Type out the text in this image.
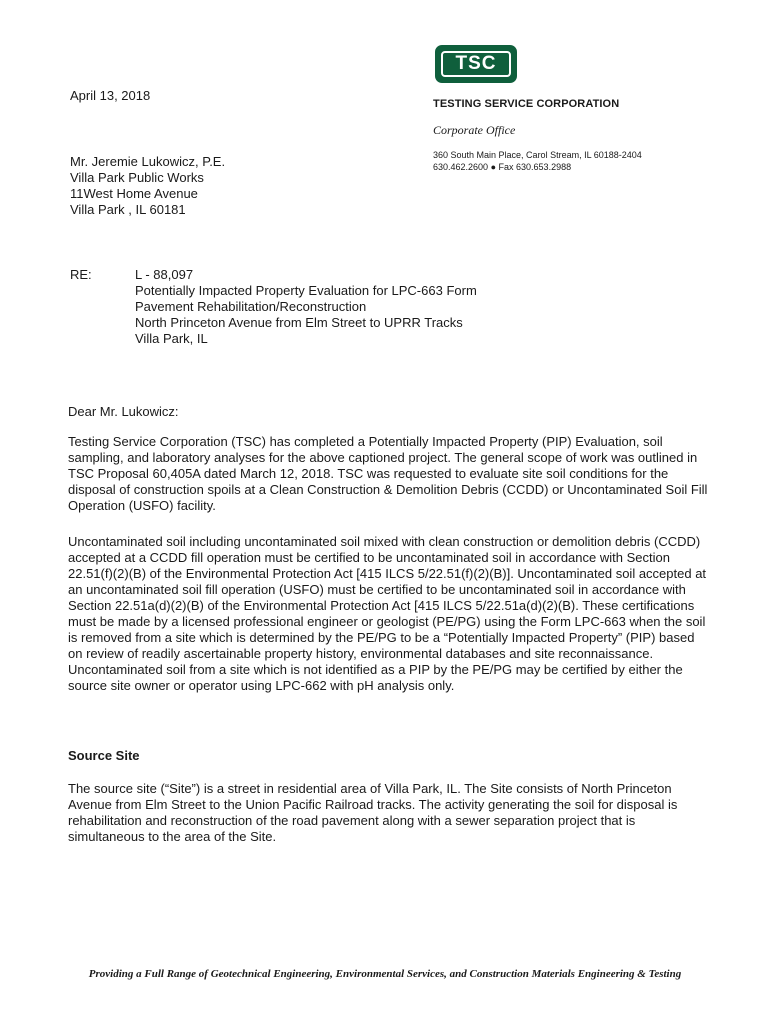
TSC
TESTING SERVICE CORPORATION
Corporate Office
360 South Main Place, Carol Stream, IL 60188-2404
630.462.2600 ● Fax 630.653.2988
April 13, 2018
Mr. Jeremie Lukowicz, P.E.
Villa Park Public Works
11West Home Avenue
Villa Park , IL 60181
RE:	L - 88,097
Potentially Impacted Property Evaluation for LPC-663 Form
Pavement Rehabilitation/Reconstruction
North Princeton Avenue from Elm Street to UPRR Tracks
Villa Park, IL
Dear Mr. Lukowicz:

Testing Service Corporation (TSC) has completed a Potentially Impacted Property (PIP) Evaluation, soil sampling, and laboratory analyses for the above captioned project. The general scope of work was outlined in TSC Proposal 60,405A dated March 12, 2018. TSC was requested to evaluate site soil conditions for the disposal of construction spoils at a Clean Construction & Demolition Debris (CCDD) or Uncontaminated Soil Fill Operation (USFO) facility.

Uncontaminated soil including uncontaminated soil mixed with clean construction or demolition debris (CCDD) accepted at a CCDD fill operation must be certified to be uncontaminated soil in accordance with Section 22.51(f)(2)(B) of the Environmental Protection Act [415 ILCS 5/22.51(f)(2)(B)]. Uncontaminated soil accepted at an uncontaminated soil fill operation (USFO) must be certified to be uncontaminated soil in accordance with Section 22.51a(d)(2)(B) of the Environmental Protection Act [415 ILCS 5/22.51a(d)(2)(B). These certifications must be made by a licensed professional engineer or geologist (PE/PG) using the Form LPC-663 when the soil is removed from a site which is determined by the PE/PG to be a “Potentially Impacted Property” (PIP) based on review of readily ascertainable property history, environmental databases and site reconnaissance. Uncontaminated soil from a site which is not identified as a PIP by the PE/PG may be certified by either the source site owner or operator using LPC-662 with pH analysis only.

Source Site

The source site (“Site”) is a street in residential area of Villa Park, IL. The Site consists of North Princeton Avenue from Elm Street to the Union Pacific Railroad tracks. The activity generating the soil for disposal is rehabilitation and reconstruction of the road pavement along with a sewer separation project that is simultaneous to the area of the Site.

Providing a Full Range of Geotechnical Engineering, Environmental Services, and Construction Materials Engineering & Testing
